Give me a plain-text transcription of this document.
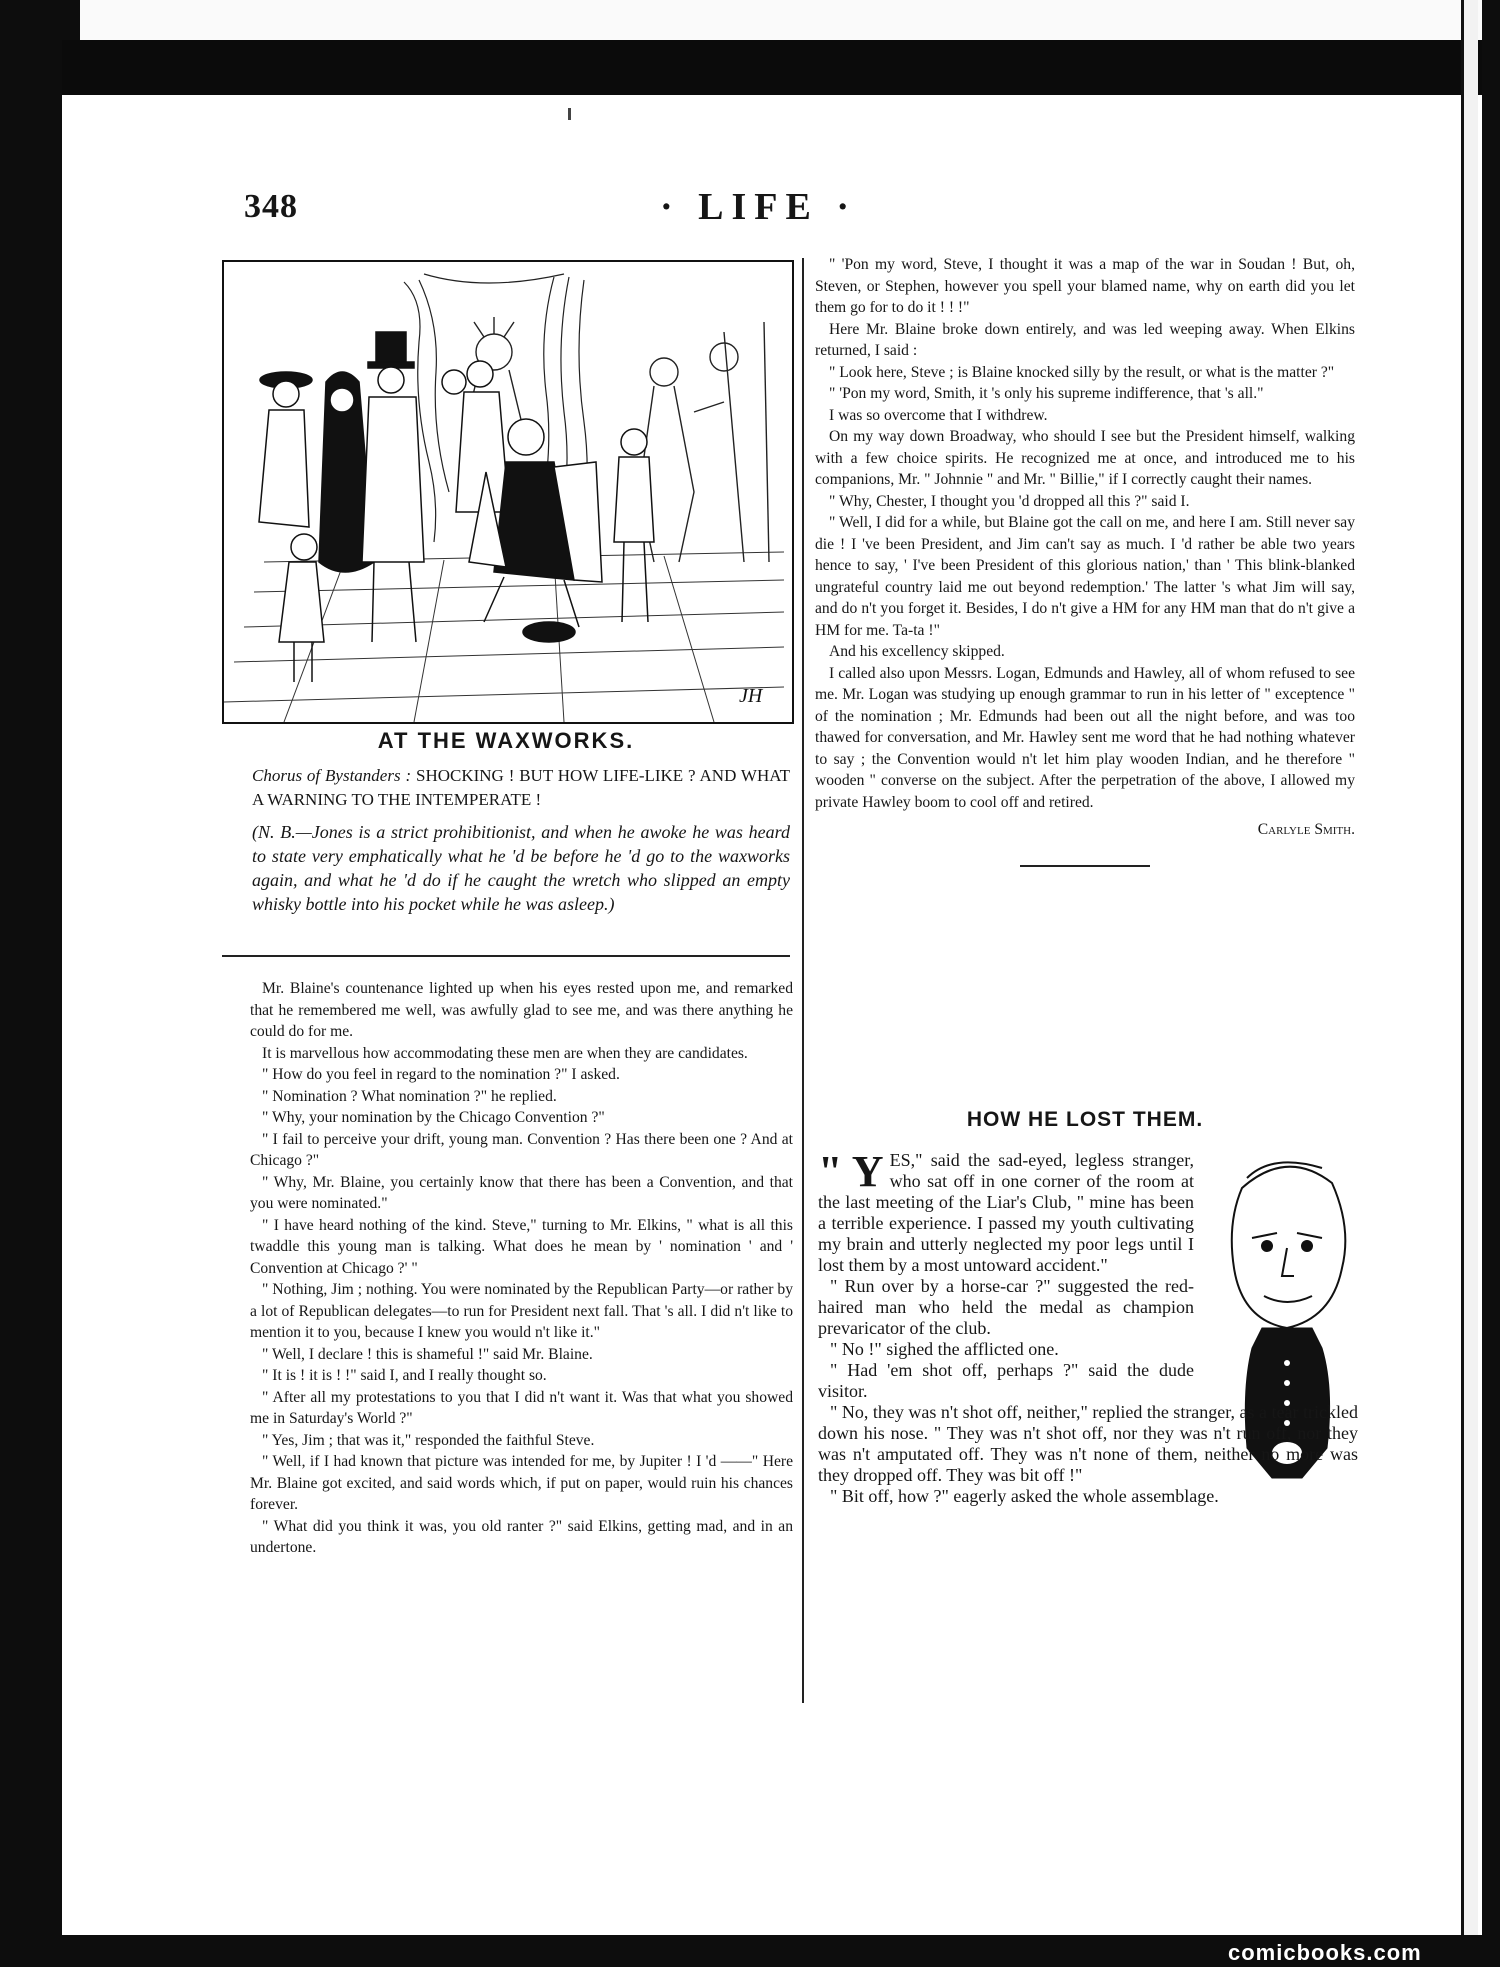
348	· LIFE ·
JH
AT THE WAXWORKS.
Chorus of Bystanders : SHOCKING ! BUT HOW LIFE-LIKE ? AND WHAT A WARNING TO THE INTEMPERATE !
(N. B.—Jones is a strict prohibitionist, and when he awoke he was heard to state very emphatically what he 'd be before he 'd go to the waxworks again, and what he 'd do if he caught the wretch who slipped an empty whisky bottle into his pocket while he was asleep.)

Mr. Blaine's countenance lighted up when his eyes rested upon me, and remarked that he remembered me well, was awfully glad to see me, and was there anything he could do for me.

It is marvellous how accommodating these men are when they are candidates.

" How do you feel in regard to the nomination ?" I asked.

" Nomination ? What nomination ?" he replied.

" Why, your nomination by the Chicago Convention ?"

" I fail to perceive your drift, young man. Convention ? Has there been one ? And at Chicago ?"

" Why, Mr. Blaine, you certainly know that there has been a Convention, and that you were nominated."

" I have heard nothing of the kind. Steve," turning to Mr. Elkins, " what is all this twaddle this young man is talking. What does he mean by ' nomination ' and ' Convention at Chicago ?' "

" Nothing, Jim ; nothing. You were nominated by the Republican Party—or rather by a lot of Republican delegates—to run for President next fall. That 's all. I did n't like to mention it to you, because I knew you would n't like it."

" Well, I declare ! this is shameful !" said Mr. Blaine.

" It is ! it is ! !" said I, and I really thought so.

" After all my protestations to you that I did n't want it. Was that what you showed me in Saturday's World ?"

" Yes, Jim ; that was it," responded the faithful Steve.

" Well, if I had known that picture was intended for me, by Jupiter ! I 'd ——" Here Mr. Blaine got excited, and said words which, if put on paper, would ruin his chances forever.

" What did you think it was, you old ranter ?" said Elkins, getting mad, and in an undertone.

" 'Pon my word, Steve, I thought it was a map of the war in Soudan ! But, oh, Steven, or Stephen, however you spell your blamed name, why on earth did you let them go for to do it ! ! !"

Here Mr. Blaine broke down entirely, and was led weeping away. When Elkins returned, I said :

" Look here, Steve ; is Blaine knocked silly by the result, or what is the matter ?"

" 'Pon my word, Smith, it 's only his supreme indifference, that 's all."

I was so overcome that I withdrew.

On my way down Broadway, who should I see but the President himself, walking with a few choice spirits. He recognized me at once, and introduced me to his companions, Mr. " Johnnie " and Mr. " Billie," if I correctly caught their names.

" Why, Chester, I thought you 'd dropped all this ?" said I.

" Well, I did for a while, but Blaine got the call on me, and here I am. Still never say die ! I 've been President, and Jim can't say as much. I 'd rather be able two years hence to say, ' I've been President of this glorious nation,' than ' This blink-blanked ungrateful country laid me out beyond redemption.' The latter 's what Jim will say, and do n't you forget it. Besides, I do n't give a HM for any HM man that do n't give a HM for me. Ta-ta !"

And his excellency skipped.

I called also upon Messrs. Logan, Edmunds and Hawley, all of whom refused to see me. Mr. Logan was studying up enough grammar to run in his letter of " exceptence " of the nomination ; Mr. Edmunds had been out all the night before, and was too thawed for conversation, and Mr. Hawley sent me word that he had nothing whatever to say ; the Convention would n't let him play wooden Indian, and he therefore " wooden " converse on the subject. After the perpetration of the above, I allowed my private Hawley boom to cool off and retired.

Carlyle Smith.
HOW HE LOST THEM.

" Y ES," said the sad-eyed, legless stranger, who sat off in one corner of the room at the last meeting of the Liar's Club, " mine has been a terrible experience. I passed my youth cultivating my brain and utterly neglected my poor legs until I lost them by a most untoward accident."

" Run over by a horse-car ?" suggested the red-haired man who held the medal as champion prevaricator of the club.

" No !" sighed the afflicted one.

" Had 'em shot off, perhaps ?" said the dude visitor.

" No, they was n't shot off, neither," replied the stranger, as a tear trickled down his nose. " They was n't shot off, nor they was n't run off, nor they was n't amputated off. They was n't none of them, neither no more was they dropped off. They was bit off !"

" Bit off, how ?" eagerly asked the whole assemblage.

comicbooks.com
